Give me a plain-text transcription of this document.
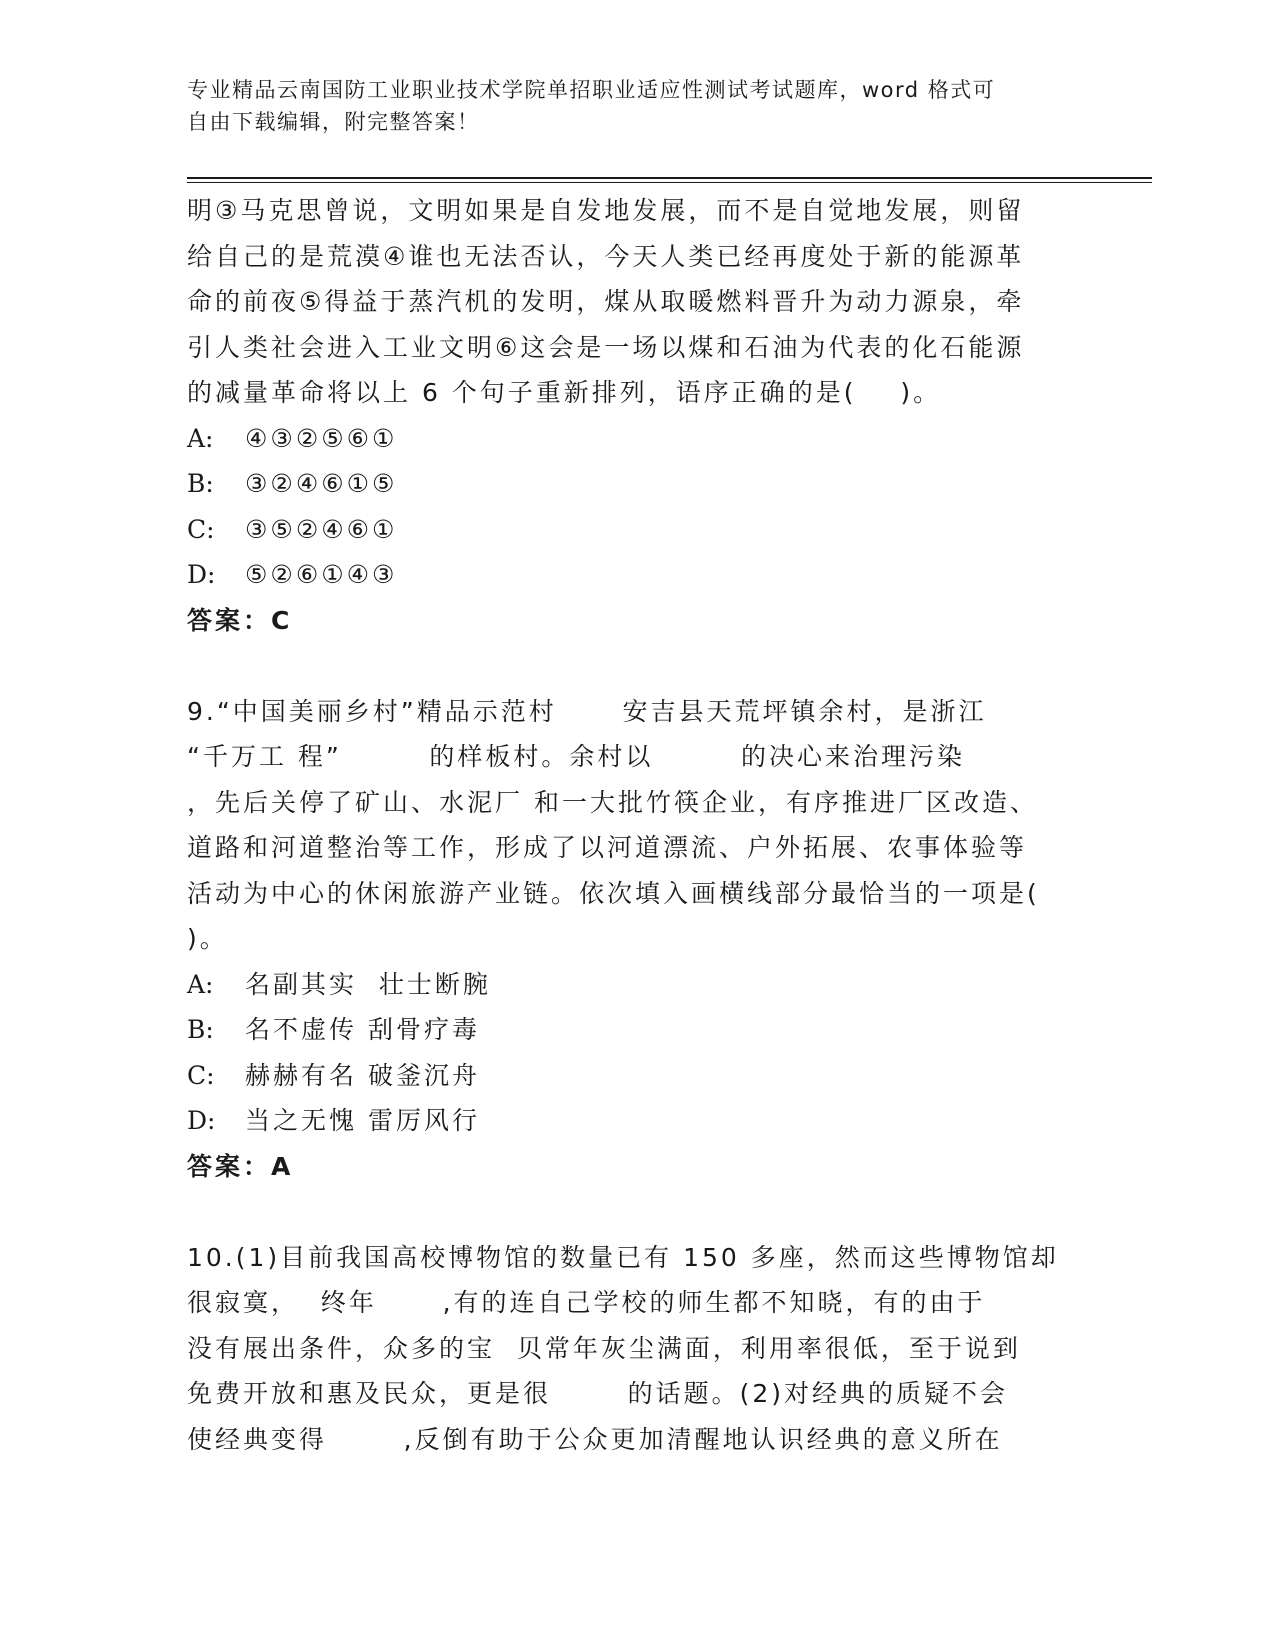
专业精品云南国防工业职业技术学院单招职业适应性测试考试题库，word 格式可
自由下载编辑，附完整答案！
明③马克思曾说，文明如果是自发地发展，而不是自觉地发展，则留
给自己的是荒漠④谁也无法否认，今天人类已经再度处于新的能源革
命的前夜⑤得益于蒸汽机的发明，煤从取暖燃料晋升为动力源泉，牵
引人类社会进入工业文明⑥这会是一场以煤和石油为代表的化石能源
的减量革命将以上 6 个句子重新排列，语序正确的是(    )。
A: ④③②⑤⑥①
B: ③②④⑥①⑤
C: ③⑤②④⑥①
D: ⑤②⑥①④③
答案：C
9.“中国美丽乡村”精品示范村      安吉县天荒坪镇余村，是浙江
“千万工 程”        的样板村。余村以        的决心来治理污染
，先后关停了矿山、水泥厂 和一大批竹筷企业，有序推进厂区改造、
道路和河道整治等工作，形成了以河道漂流、户外拓展、农事体验等
活动为中心的休闲旅游产业链。依次填入画横线部分最恰当的一项是(
)。
A: 名副其实  壮士断腕
B: 名不虚传 刮骨疗毒
C: 赫赫有名 破釜沉舟
D: 当之无愧 雷厉风行
答案：A
10.(1)目前我国高校博物馆的数量已有 150 多座，然而这些博物馆却
很寂寞，  终年      ,有的连自己学校的师生都不知晓，有的由于
没有展出条件，众多的宝  贝常年灰尘满面，利用率很低，至于说到
免费开放和惠及民众，更是很       的话题。(2)对经典的质疑不会
使经典变得       ,反倒有助于公众更加清醒地认识经典的意义所在
